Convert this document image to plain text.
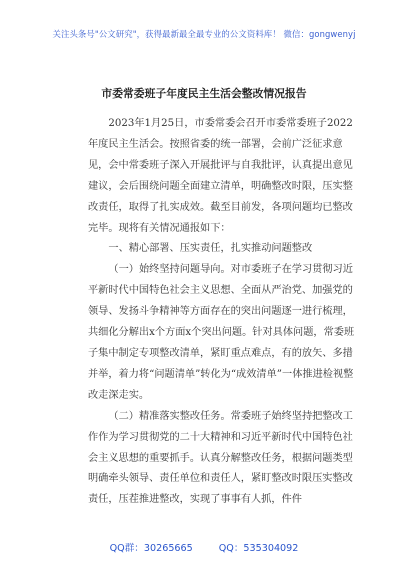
关注头条号"公文研究"，获得最新最全最专业的公文资料库！ 微信：gongwenyj
市委常委班子年度民主生活会整改情况报告

2023年1月25日，市委常委会召开市委常委班子2022年度民主生活会。按照省委的统一部署，会前广泛征求意见，会中常委班子深入开展批评与自我批评，认真提出意见建议，会后围绕问题全面建立清单，明确整改时限，压实整改责任，取得了扎实成效。截至目前发，各项问题均已整改完毕。现将有关情况通报如下：

一、精心部署、压实责任，扎实推动问题整改

（一）始终坚持问题导向。对市委班子在学习贯彻习近平新时代中国特色社会主义思想、全面从严治党、加强党的领导、发扬斗争精神等方面存在的突出问题逐一进行梳理，共细化分解出x个方面x个突出问题。针对具体问题，常委班子集中制定专项整改清单，紧盯重点难点，有的放矢、多措并举，着力将“问题清单”转化为“成效清单”一体推进检视整改走深走实。

（二）精准落实整改任务。常委班子始终坚持把整改工作作为学习贯彻党的二十大精神和习近平新时代中国特色社会主义思想的重要抓手。认真分解整改任务，根据问题类型明确牵头领导、责任单位和责任人，紧盯整改时限压实整改责任，压茬推进整改，实现了事事有人抓，件件

QQ群：30265665	QQ：535304092
